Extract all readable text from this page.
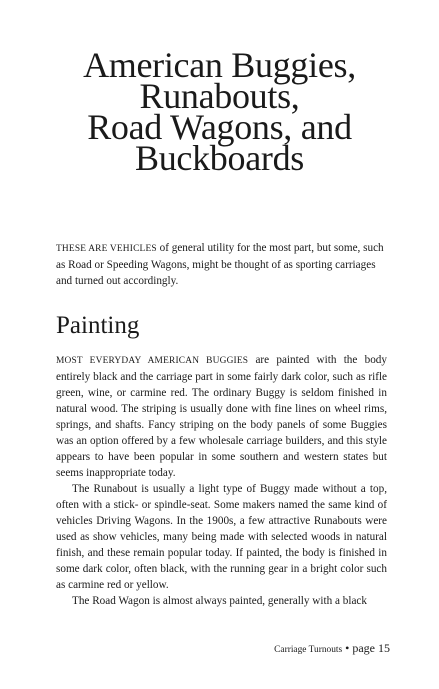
American Buggies,
Runabouts,
Road Wagons, and
Buckboards

THESE ARE VEHICLES of general utility for the most part, but some, such as Road or Speeding Wagons, might be thought of as sporting carriages and turned out accordingly.

Painting

MOST EVERYDAY AMERICAN BUGGIES are painted with the body entirely black and the carriage part in some fairly dark color, such as rifle green, wine, or carmine red. The ordinary Buggy is seldom finished in natural wood. The striping is usually done with fine lines on wheel rims, springs, and shafts. Fancy striping on the body panels of some Buggies was an option offered by a few wholesale carriage builders, and this style appears to have been popular in some southern and western states but seems inappropriate today.

The Runabout is usually a light type of Buggy made without a top, often with a stick- or spindle-seat. Some makers named the same kind of vehicles Driving Wagons. In the 1900s, a few attractive Runabouts were used as show vehicles, many being made with selected woods in natural finish, and these remain popular today. If painted, the body is finished in some dark color, often black, with the running gear in a bright color such as carmine red or yellow.

The Road Wagon is almost always painted, generally with a black

Carriage Turnouts • page 15
